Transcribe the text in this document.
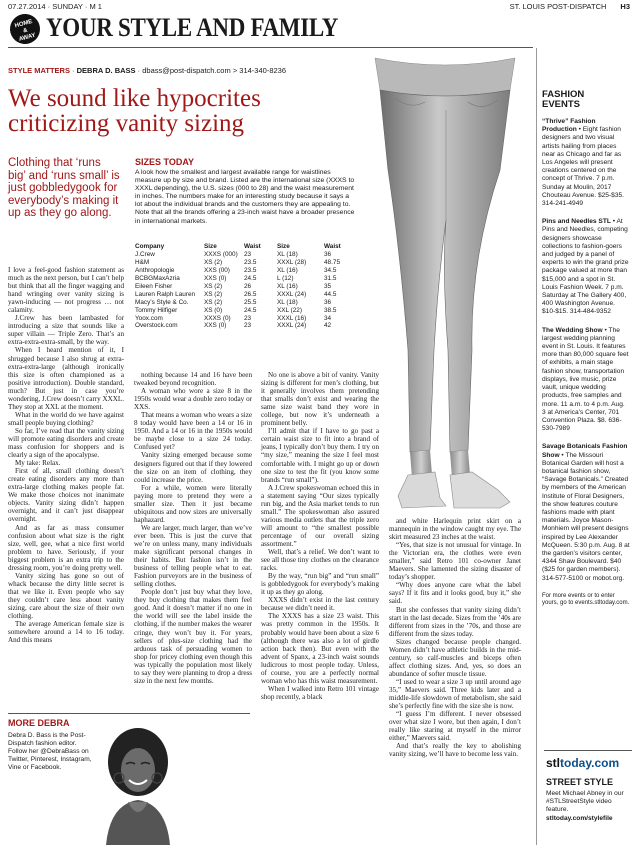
07.27.2014 · SUNDAY · M 1	ST. LOUIS POST-DISPATCH H3
HOME
&
AWAY YOUR STYLE AND FAMILY
STYLE MATTERS · DEBRA D. BASS · dbass@post-dispatch.com > 314-340-8236
We sound like hypocrites
criticizing vanity sizing
Clothing that ‘runs big’ and ‘runs small’ is just gobbledygook for everybody’s making it up as they go along.
SIZES TODAY
A look how the smallest and largest available range for waistlines measure up by size and brand. Listed are the international size (XXXS to XXXL depending), the U.S. sizes (000 to 28) and the waist measurement in inches. The numbers make for an interesting study because it says a lot about the individual brands and the customers they are appealing to. Note that all the brands offering a 23-inch waist have a broader presence in international markets.
Company	Size	Waist	Size	Waist
J.Crew	XXXS (000)	23	XL (18)	36
H&M	XS (2)	23.5	XXXL (28)	48.75
Anthropologie	XXS (00)	23.5	XL (16)	34.5
BCBGMaxAzria	XXS (0)	24.5	L (12)	31.5
Eileen Fisher	XS (2)	26	XL (16)	35
Lauren Ralph Lauren	XS (2)	26.5	XXXL (24)	44.5
Macy’s Style & Co.	XS (2)	25.5	XL (18)	36
Tommy Hilfiger	XS (0)	24.5	XXL (22)	38.5
Yoox.com	XXXS (0)	23	XXXL (16)	34
Overstock.com	XXS (0)	23	XXXL (24)	42

I love a feel-good fashion statement as much as the next person, but I can’t help but think that all the finger wagging and hand wringing over vanity sizing is yawn-inducing — not progress … not calamity.

J.Crew has been lambasted for introducing a size that sounds like a super villain — Triple Zero. That’s an extra-extra-extra-small, by the way.

When I heard mention of it, I shrugged because I also shrug at extra-extra-extra-large (although ironically this size is often championed as a positive introduction). Double standard, much? But just in case you’re wondering, J.Crew doesn’t carry XXXL. They stop at XXL at the moment.

What in the world do we have against small people buying clothing?

So far, I’ve read that the vanity sizing will promote eating disorders and create mass confusion for shoppers and is clearly a sign of the apocalypse.

My take: Relax.

First of all, small clothing doesn’t create eating disorders any more than extra-large clothing makes people fat. We make those choices not inanimate objects. Vanity sizing didn’t happen overnight, and it can’t just disappear overnight.

And as far as mass consumer confusion about what size is the right size, well, gee, what a nice first world problem to have. Seriously, if your biggest problem is an extra trip to the dressing room, you’re doing pretty well.

Vanity sizing has gone so out of whack because the dirty little secret is that we like it. Even people who say they couldn’t care less about vanity sizing, care about the size of their own clothing.

The average American female size is somewhere around a 14 to 16 today. And this means

nothing because 14 and 16 have been tweaked beyond recognition.

A woman who wore a size 8 in the 1950s would wear a double zero today or XXS.

That means a woman who wears a size 8 today would have been a 14 or 16 in 1950. And a 14 or 16 in the 1950s would be maybe close to a size 24 today. Confused yet?

Vanity sizing emerged because some designers figured out that if they lowered the size on an item of clothing, they could increase the price.

For a while, women were literally paying more to pretend they were a smaller size. Then it just became ubiquitous and now sizes are universally haphazard.

We are larger, much larger, than we’ve ever been. This is just the curve that we’re on unless many, many individuals make significant personal changes in their habits. But fashion isn’t in the business of telling people what to eat. Fashion purveyors are in the business of selling clothes.

People don’t just buy what they love, they buy clothing that makes them feel good. And it doesn’t matter if no one in the world will see the label inside the clothing, if the number makes the wearer cringe, they won’t buy it. For years, sellers of plus-size clothing had the arduous task of persuading women to shop for pricey clothing even though this was typically the population most likely to say they were planning to drop a dress size in the next few months.

No one is above a bit of vanity. Vanity sizing is different for men’s clothing, but it generally involves them pretending that smalls don’t exist and wearing the same size waist band they wore in college, but now it’s underneath a prominent belly.

I’ll admit that if I have to go past a certain waist size to fit into a brand of jeans, I typically don’t buy them. I try on “my size,” meaning the size I feel most comfortable with. I might go up or down one size to test the fit (you know some brands “run small”).

A J.Crew spokeswoman echoed this in a statement saying “Our sizes typically run big, and the Asia market tends to run small.” The spokeswoman also assured various media outlets that the triple zero will amount to “the smallest possible percentage of our overall sizing assortment.”

Well, that’s a relief. We don’t want to see all those tiny clothes on the clearance racks.

By the way, “run big” and “run small” is gobbledygook for everybody’s making it up as they go along.

XXXS didn’t exist in the last century because we didn’t need it.

The XXXS has a size 23 waist. This was pretty common in the 1950s. It probably would have been about a size 6 (although there was also a lot of girdle action back then). But even with the advent of Spanx, a 23-inch waist sounds ludicrous to most people today. Unless, of course, you are a perfectly normal woman who has this waist measurement.

When I walked into Retro 101 vintage shop recently, a black

and white Harlequin print skirt on a mannequin in the window caught my eye. The skirt measured 23 inches at the waist.

“Yes, that size is not unusual for vintage. In the Victorian era, the clothes were even smaller,” said Retro 101 co-owner Janet Maevers. She lamented the sizing disaster of today’s shopper.

“Why does anyone care what the label says? If it fits and it looks good, buy it,” she said.

But she confesses that vanity sizing didn’t start in the last decade. Sizes from the ’40s are different from sizes in the ’70s, and those are different from the sizes today.

Sizes changed because people changed. Women didn’t have athletic builds in the mid-century, so calf-muscles and biceps often affect clothing sizes. And, yes, so does an abundance of softer muscle tissue.

“I used to wear a size 3 up until around age 35,” Maevers said. Three kids later and a middle-life slowdown of metabolism, she said she’s perfectly fine with the size she is now.

“I guess I’m different. I never obsessed over what size I wore, but then again, I don’t really like staring at myself in the mirror either,” Maevers said.

And that’s really the key to abolishing vanity sizing, we’ll have to become less vain.

MORE DEBRA
Debra D. Bass is the Post-Dispatch fashion editor. Follow her @DebraBass on Twitter, Pinterest, Instagram, Vine or Facebook.
FASHION
EVENTS
“Thrive” Fashion Production • Eight fashion designers and two visual artists hailing from places near as Chicago and far as Los Angeles will present creations centered on the concept of Thrive. 7 p.m. Sunday at Moulin, 2017 Chouteau Avenue. $25-$35. 314-241-4949
Pins and Needles STL • At Pins and Needles, competing designers showcase collections to fashion-goers and judged by a panel of experts to win the grand prize package valued at more than $15,000 and a spot in St. Louis Fashion Week. 7 p.m. Saturday at The Gallery 400, 400 Washington Avenue. $10-$15. 314-484-9352
The Wedding Show • The largest wedding planning event in St. Louis. It features more than 80,000 square feet of exhibits, a main stage fashion show, transportation displays, live music, prize vault, unique wedding products, free samples and more. 11 a.m. to 4 p.m. Aug. 3 at America’s Center, 701 Convention Plaza. $8. 636-530-7989
Savage Botanicals Fashion Show • The Missouri Botanical Garden will host a botanical fashion show, “Savage Botanicals.” Created by members of the American Institute of Floral Designers, the show features couture fashions made with plant materials. Joyce Mason-Monhiem will present designs inspired by Lee Alexander McQueen. 5:30 p.m. Aug. 8 at the garden’s visitors center, 4344 Shaw Boulevard. $40 ($25 for garden members). 314-577-5100 or mobot.org.
For more events or to enter yours, go to events.stltoday.com.
stltoday.com
STREET STYLE
Meet Michael Abney in our #STLStreetStyle video feature.
stltoday.com/stylefile
